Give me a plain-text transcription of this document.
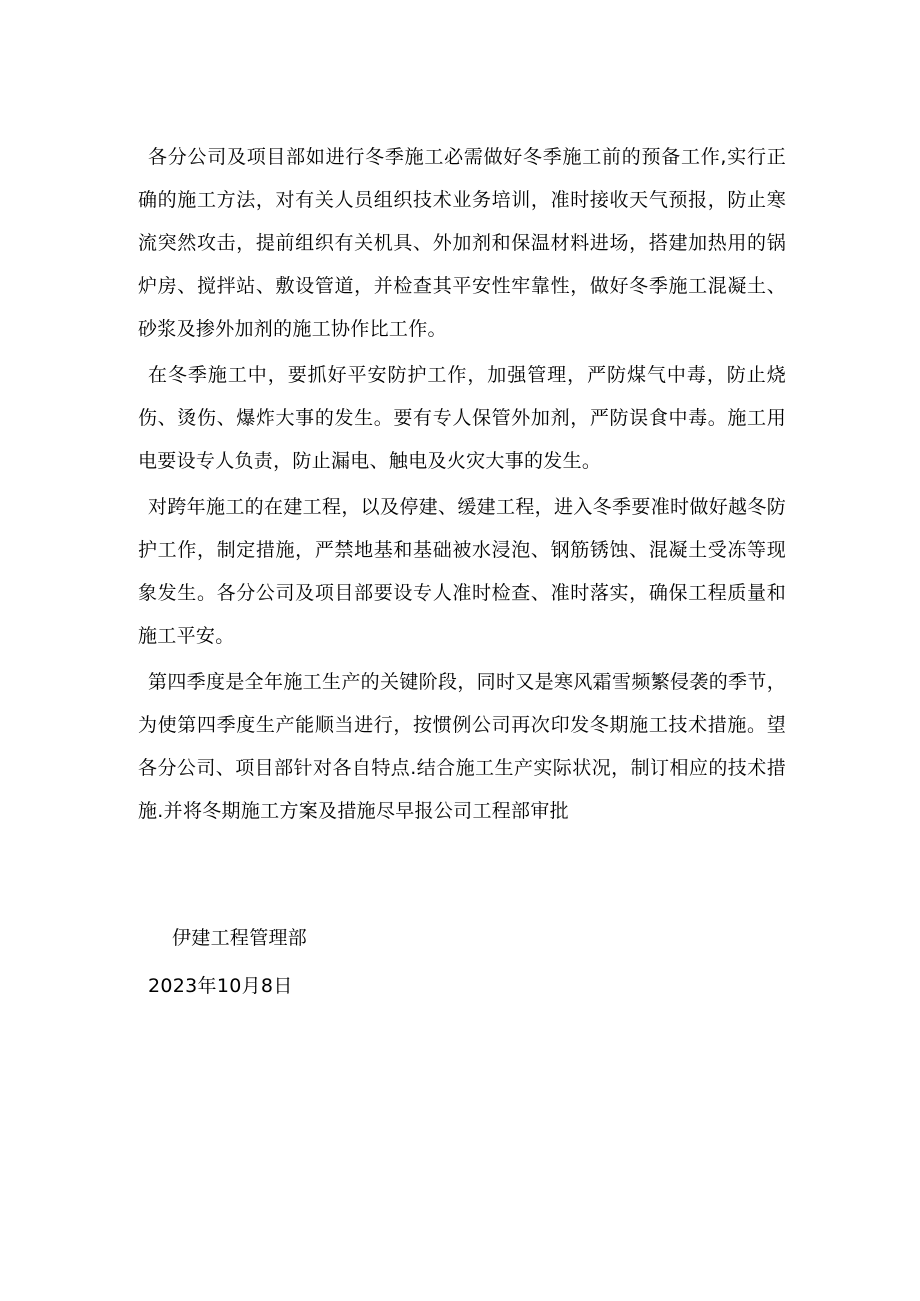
各分公司及项目部如进行冬季施工必需做好冬季施工前的预备工作,实行正确的施工方法，对有关人员组织技术业务培训，准时接收天气预报，防止寒流突然攻击，提前组织有关机具、外加剂和保温材料进场，搭建加热用的锅炉房、搅拌站、敷设管道，并检查其平安性牢靠性，做好冬季施工混凝土、砂浆及掺外加剂的施工协作比工作。

在冬季施工中，要抓好平安防护工作，加强管理，严防煤气中毒，防止烧伤、烫伤、爆炸大事的发生。要有专人保管外加剂，严防误食中毒。施工用电要设专人负责，防止漏电、触电及火灾大事的发生。

对跨年施工的在建工程，以及停建、缓建工程，进入冬季要准时做好越冬防护工作，制定措施，严禁地基和基础被水浸泡、钢筋锈蚀、混凝土受冻等现象发生。各分公司及项目部要设专人准时检查、准时落实，确保工程质量和施工平安。

第四季度是全年施工生产的关键阶段，同时又是寒风霜雪频繁侵袭的季节，为使第四季度生产能顺当进行，按惯例公司再次印发冬期施工技术措施。望各分公司、项目部针对各自特点.结合施工生产实际状况，制订相应的技术措施.并将冬期施工方案及措施尽早报公司工程部审批

伊建工程管理部
2023年10月8日
